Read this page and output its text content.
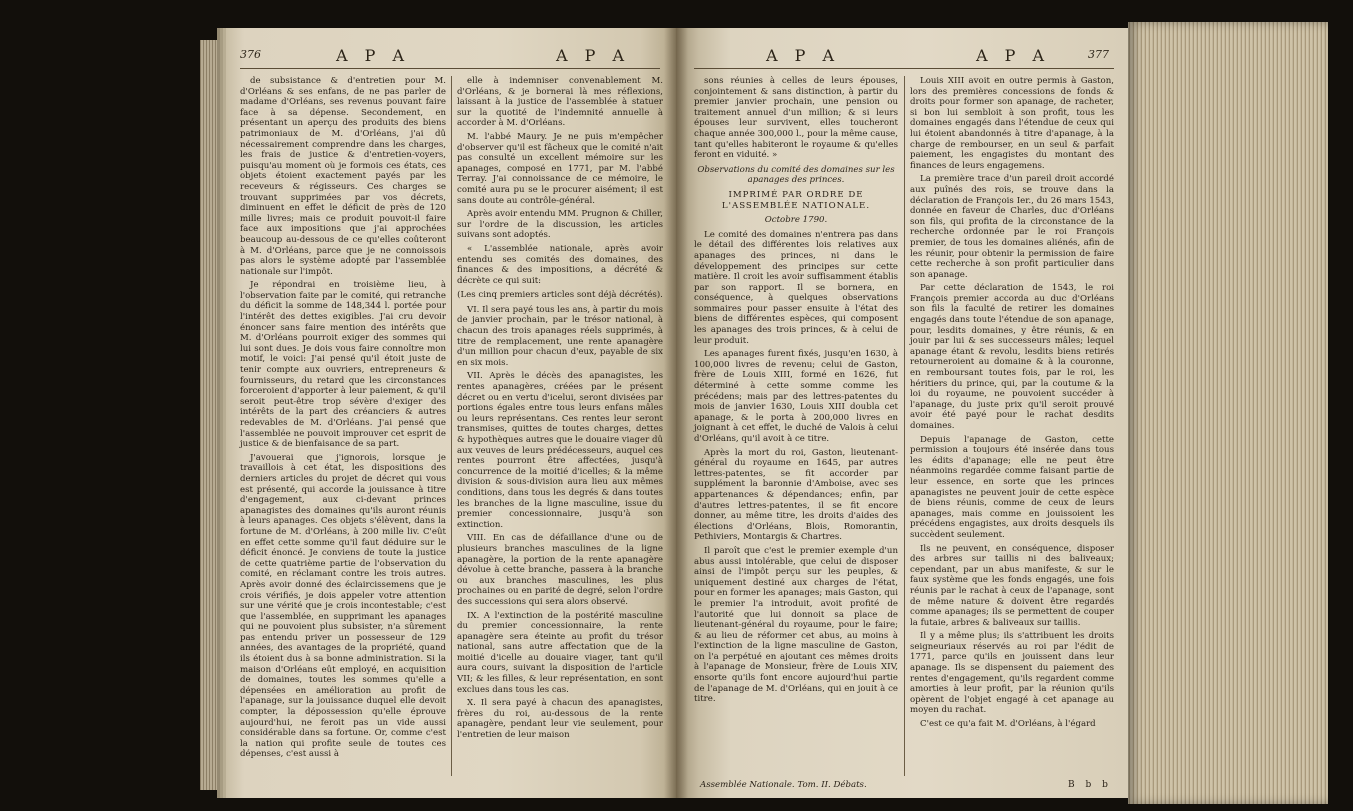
376	A P A	A P A

de subsistance & d'entretien pour M. d'Orléans & ses enfans, de ne pas parler de madame d'Orléans, ses revenus pouvant faire face à sa dépense. Secondement, en présentant un aperçu des produits des biens patrimoniaux de M. d'Orléans, j'ai dû nécessairement comprendre dans les charges, les frais de justice & d'entretien-voyers, puisqu'au moment où je formois ces états, ces objets étoient exactement payés par les receveurs & régisseurs. Ces charges se trouvant supprimées par vos décrets, diminuent en effet le déficit de près de 120 mille livres; mais ce produit pouvoit-il faire face aux impositions que j'ai approchées beaucoup au-dessous de ce qu'elles coûteront à M. d'Orléans, parce que je ne connoissois pas alors le système adopté par l'assemblée nationale sur l'impôt.

Je répondrai en troisième lieu, à l'observation faite par le comité, qui retranche du déficit la somme de 148,344 l. portée pour l'intérêt des dettes exigibles. J'ai cru devoir énoncer sans faire mention des intérêts que M. d'Orléans pourroit exiger des sommes qui lui sont dues. Je dois vous faire connoître mon motif, le voici: J'ai pensé qu'il étoit juste de tenir compte aux ouvriers, entrepreneurs & fournisseurs, du retard que les circonstances forceroient d'apporter à leur paiement, & qu'il seroit peut-être trop sévère d'exiger des intérêts de la part des créanciers & autres redevables de M. d'Orléans. J'ai pensé que l'assemblée ne pouvoit improuver cet esprit de justice & de bienfaisance de sa part.

J'avouerai que j'ignorois, lorsque je travaillois à cet état, les dispositions des derniers articles du projet de décret qui vous est présenté, qui accorde la jouissance à titre d'engagement, aux ci-devant princes apanagistes des domaines qu'ils auront réunis à leurs apanages. Ces objets s'élèvent, dans la fortune de M. d'Orléans, à 200 mille liv. C'eût en effet cette somme qu'il faut déduire sur le déficit énoncé. Je conviens de toute la justice de cette quatrième partie de l'observation du comité, en réclamant contre les trois autres. Après avoir donné des éclaircissemens que je crois vérifiés, je dois appeler votre attention sur une vérité que je crois incontestable; c'est que l'assemblée, en supprimant les apanages qui ne pouvoient plus subsister, n'a sûrement pas entendu priver un possesseur de 129 années, des avantages de la propriété, quand ils étoient dus à sa bonne administration. Si la maison d'Orléans eût employé, en acquisition de domaines, toutes les sommes qu'elle a dépensées en amélioration au profit de l'apanage, sur la jouissance duquel elle devoit compter, la dépossession qu'elle éprouve aujourd'hui, ne feroit pas un vide aussi considérable dans sa fortune. Or, comme c'est la nation qui profite seule de toutes ces dépenses, c'est aussi à

elle à indemniser convenablement M. d'Orléans, & je bornerai là mes réflexions, laissant à la justice de l'assemblée à statuer sur la quotité de l'indemnité annuelle à accorder à M. d'Orléans.

M. l'abbé Maury. Je ne puis m'empêcher d'observer qu'il est fâcheux que le comité n'ait pas consulté un excellent mémoire sur les apanages, composé en 1771, par M. l'abbé Terray. J'ai connoissance de ce mémoire, le comité aura pu se le procurer aisément; il est sans doute au contrôle-général.

Après avoir entendu MM. Prugnon & Chiller, sur l'ordre de la discussion, les articles suivans sont adoptés.

« L'assemblée nationale, après avoir entendu ses comités des domaines, des finances & des impositions, a décrété & décrète ce qui suit:

(Les cinq premiers articles sont déjà décrétés).

VI. Il sera payé tous les ans, à partir du mois de janvier prochain, par le trésor national, à chacun des trois apanages réels supprimés, à titre de remplacement, une rente apanagère d'un million pour chacun d'eux, payable de six en six mois.

VII. Après le décès des apanagistes, les rentes apanagères, créées par le présent décret ou en vertu d'icelui, seront divisées par portions égales entre tous leurs enfans mâles ou leurs représentans. Ces rentes leur seront transmises, quittes de toutes charges, dettes & hypothèques autres que le douaire viager dû aux veuves de leurs prédécesseurs, auquel ces rentes pourront être affectées, jusqu'à concurrence de la moitié d'icelles; & la même division & sous-division aura lieu aux mêmes conditions, dans tous les degrés & dans toutes les branches de la ligne masculine, issue du premier concessionnaire, jusqu'à son extinction.

VIII. En cas de défaillance d'une ou de plusieurs branches masculines de la ligne apanagère, la portion de la rente apanagère dévolue à cette branche, passera à la branche ou aux branches masculines, les plus prochaines ou en parité de degré, selon l'ordre des successions qui sera alors observé.

IX. A l'extinction de la postérité masculine du premier concessionnaire, la rente apanagère sera éteinte au profit du trésor national, sans autre affectation que de la moitié d'icelle au douaire viager, tant qu'il aura cours, suivant la disposition de l'article VII; & les filles, & leur représentation, en sont exclues dans tous les cas.

X. Il sera payé à chacun des apanagistes, frères du roi, au-dessous de la rente apanagère, pendant leur vie seulement, pour l'entretien de leur maison

A P A	A P A	377

sons réunies à celles de leurs épouses, conjointement & sans distinction, à partir du premier janvier prochain, une pension ou traitement annuel d'un million; & si leurs épouses leur survivent, elles toucheront chaque année 300,000 l., pour la même cause, tant qu'elles habiteront le royaume & qu'elles feront en viduité. »

Observations du comité des domaines sur les apanages des princes.

IMPRIMÉ PAR ORDRE DE L'ASSEMBLÉE NATIONALE.

Octobre 1790.

Le comité des domaines n'entrera pas dans le détail des différentes lois relatives aux apanages des princes, ni dans le développement des principes sur cette matière. Il croit les avoir suffisamment établis par son rapport. Il se bornera, en conséquence, à quelques observations sommaires pour passer ensuite à l'état des biens de différentes espèces, qui composent les apanages des trois princes, & à celui de leur produit.

Les apanages furent fixés, jusqu'en 1630, à 100,000 livres de revenu; celui de Gaston, frère de Louis XIII, formé en 1626, fut déterminé à cette somme comme les précédens; mais par des lettres-patentes du mois de janvier 1630, Louis XIII doubla cet apanage, & le porta à 200,000 livres en joignant à cet effet, le duché de Valois à celui d'Orléans, qu'il avoit à ce titre.

Après la mort du roi, Gaston, lieutenant-général du royaume en 1645, par autres lettres-patentes, se fit accorder par supplément la baronnie d'Amboise, avec ses appartenances & dépendances; enfin, par d'autres lettres-patentes, il se fit encore donner, au même titre, les droits d'aides des élections d'Orléans, Blois, Romorantin, Pethiviers, Montargis & Chartres.

Il paroît que c'est le premier exemple d'un abus aussi intolérable, que celui de disposer ainsi de l'impôt perçu sur les peuples, & uniquement destiné aux charges de l'état, pour en former les apanages; mais Gaston, qui le premier l'a introduit, avoit profité de l'autorité que lui donnoit sa place de lieutenant-général du royaume, pour le faire; & au lieu de réformer cet abus, au moins à l'extinction de la ligne masculine de Gaston, on l'a perpétué en ajoutant ces mêmes droits à l'apanage de Monsieur, frère de Louis XIV, ensorte qu'ils font encore aujourd'hui partie de l'apanage de M. d'Orléans, qui en jouit à ce titre.

Assemblée Nationale. Tom. II. Débats.

Louis XIII avoit en outre permis à Gaston, lors des premières concessions de fonds & droits pour former son apanage, de racheter, si bon lui sembloit à son profit, tous les domaines engagés dans l'étendue de ceux qui lui étoient abandonnés à titre d'apanage, à la charge de rembourser, en un seul & parfait paiement, les engagistes du montant des finances de leurs engagemens.

La première trace d'un pareil droit accordé aux puînés des rois, se trouve dans la déclaration de François Ier., du 26 mars 1543, donnée en faveur de Charles, duc d'Orléans son fils, qui profita de la circonstance de la recherche ordonnée par le roi François premier, de tous les domaines aliénés, afin de les réunir, pour obtenir la permission de faire cette recherche à son profit particulier dans son apanage.

Par cette déclaration de 1543, le roi François premier accorda au duc d'Orléans son fils la faculté de retirer les domaines engagés dans toute l'étendue de son apanage, pour, lesdits domaines, y être réunis, & en jouir par lui & ses successeurs mâles; lequel apanage étant & revolu, lesdits biens retirés retourneroient au domaine & à la couronne, en remboursant toutes fois, par le roi, les héritiers du prince, qui, par la coutume & la loi du royaume, ne pouvoient succéder à l'apanage, du juste prix qu'il seroit prouvé avoir été payé pour le rachat desdits domaines.

Depuis l'apanage de Gaston, cette permission a toujours été insérée dans tous les édits d'apanage; elle ne peut être néanmoins regardée comme faisant partie de leur essence, en sorte que les princes apanagistes ne peuvent jouir de cette espèce de biens réunis, comme de ceux de leurs apanages, mais comme en jouissoient les précédens engagistes, aux droits desquels ils succèdent seulement.

Ils ne peuvent, en conséquence, disposer des arbres sur taillis ni des baliveaux; cependant, par un abus manifeste, & sur le faux système que les fonds engagés, une fois réunis par le rachat à ceux de l'apanage, sont de même nature & doivent être regardés comme apanages; ils se permettent de couper la futaie, arbres & baliveaux sur taillis.

Il y a même plus; ils s'attribuent les droits seigneuriaux réservés au roi par l'édit de 1771, parce qu'ils en jouissent dans leur apanage. Ils se dispensent du paiement des rentes d'engagement, qu'ils regardent comme amorties à leur profit, par la réunion qu'ils opèrent de l'objet engagé à cet apanage au moyen du rachat.

C'est ce qu'a fait M. d'Orléans, à l'égard

B b b
